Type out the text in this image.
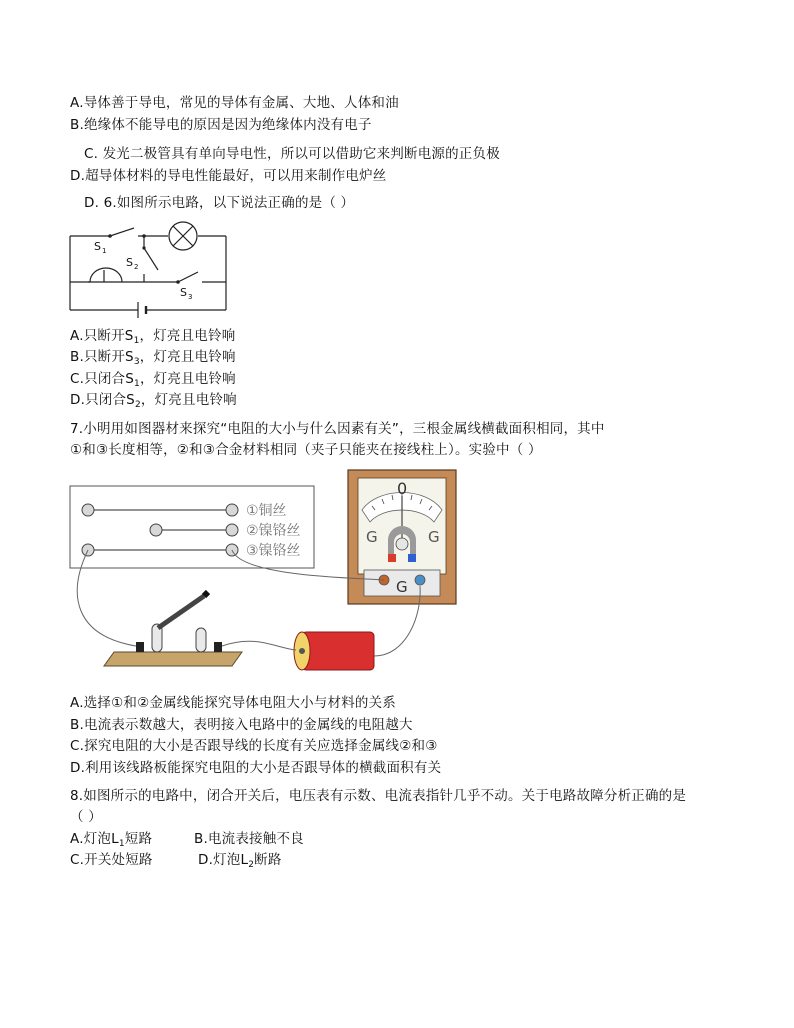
A.导体善于导电，常见的导体有金属、大地、人体和油
B.绝缘体不能导电的原因是因为绝缘体内没有电子
C. 发光二极管具有单向导电性，所以可以借助它来判断电源的正负极
D.超导体材料的导电性能最好，可以用来制作电炉丝
D. 6.如图所示电路，以下说法正确的是（ ）
S 1
S 2
S 3
A.只断开$S_1$，灯亮且电铃响
B.只断开$S_3$，灯亮且电铃响
C.只闭合$S_1$，灯亮且电铃响
D.只闭合$S_2$，灯亮且电铃响
7.小明用如图器材来探究“电阻的大小与什么因素有关”，三根金属线横截面积相同，其中
①和③长度相等，②和③合金材料相同（夹子只能夹在接线柱上）。实验中（ ）
①铜丝
②镍铬丝
③镍铬丝
0
G	G
G
A.选择①和②金属线能探究导体电阻大小与材料的关系
B.电流表示数越大，表明接入电路中的金属线的电阻越大
C.探究电阻的大小是否跟导线的长度有关应选择金属线②和③
D.利用该线路板能探究电阻的大小是否跟导体的横截面积有关
8.如图所示的电路中，闭合开关后，电压表有示数、电流表指针几乎不动。关于电路故障分析正确的是
（ ）
A.灯泡$L_1$短路	B.电流表接触不良
C.开关处短路	D.灯泡$L_2$断路
